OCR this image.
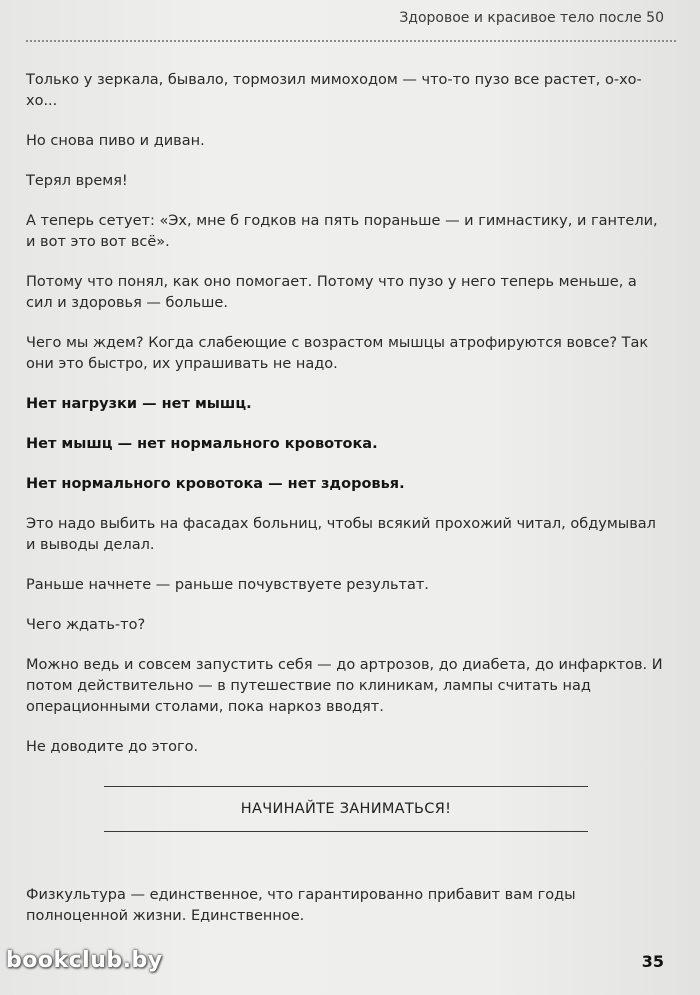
Здоровое и красивое тело после 50

Только у зеркала, бывало, тормозил мимоходом — что-то пузо все растет, о-хо-хо...

Но снова пиво и диван.

Терял время!

А теперь сетует: «Эх, мне б годков на пять пораньше — и гимнастику, и гантели, и вот это вот всё».

Потому что понял, как оно помогает. Потому что пузо у него теперь меньше, а сил и здоровья — больше.

Чего мы ждем? Когда слабеющие с возрастом мышцы атрофируются вовсе? Так они это быстро, их упрашивать не надо.

Нет нагрузки — нет мышц.

Нет мышц — нет нормального кровотока.

Нет нормального кровотока — нет здоровья.

Это надо выбить на фасадах больниц, чтобы всякий прохожий читал, обдумывал и выводы делал.

Раньше начнете — раньше почувствуете результат.

Чего ждать-то?

Можно ведь и совсем запустить себя — до артрозов, до диабета, до инфарктов. И потом действительно — в путешествие по клиникам, лампы считать над операционными столами, пока наркоз вводят.

Не доводите до этого.

НАЧИНАЙТЕ ЗАНИМАТЬСЯ!

Физкультура — единственное, что гарантированно прибавит вам годы полноценной жизни. Единственное.

35
bookclub.by
